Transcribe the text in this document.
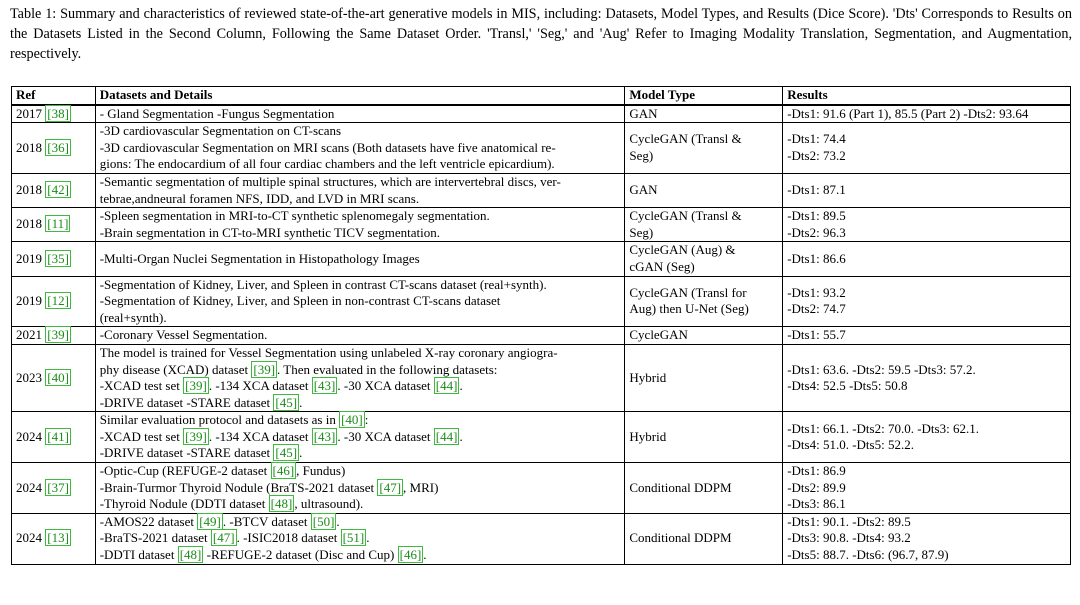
Table 1: Summary and characteristics of reviewed state-of-the-art generative models in MIS, including: Datasets, Model Types, and Results (Dice Score). 'Dts' Corresponds to Results on the Datasets Listed in the Second Column, Following the Same Dataset Order. 'Transl,' 'Seg,' and 'Aug' Refer to Imaging Modality Translation, Segmentation, and Augmentation, respectively.
Ref	Datasets and Details	Model Type	Results
2017 [38]	- Gland Segmentation -Fungus Segmentation	GAN	-Dts1: 91.6 (Part 1), 85.5 (Part 2) -Dts2: 93.64

2018 [36]	-3D cardiovascular Segmentation on CT-scans
-3D cardiovascular Segmentation on MRI scans (Both datasets have five anatomical re-
gions: The endocardium of all four cardiac chambers and the left ventricle epicardium).	CycleGAN (Transl &
Seg)	-Dts1: 74.4
-Dts2: 73.2

2018 [42]	-Semantic segmentation of multiple spinal structures, which are intervertebral discs, ver-
tebrae,andneural foramen NFS, IDD, and LVD in MRI scans.	GAN	-Dts1: 87.1

2018 [11]	-Spleen segmentation in MRI-to-CT synthetic splenomegaly segmentation.
-Brain segmentation in CT-to-MRI synthetic TICV segmentation.	CycleGAN (Transl &
Seg)	-Dts1: 89.5
-Dts2: 96.3

2019 [35]	-Multi-Organ Nuclei Segmentation in Histopathology Images	CycleGAN (Aug) &
cGAN (Seg)	-Dts1: 86.6

2019 [12]	-Segmentation of Kidney, Liver, and Spleen in contrast CT-scans dataset (real+synth).
-Segmentation of Kidney, Liver, and Spleen in non-contrast CT-scans dataset
(real+synth).	CycleGAN (Transl for
Aug) then U-Net (Seg)	-Dts1: 93.2
-Dts2: 74.7

2021 [39]	-Coronary Vessel Segmentation.	CycleGAN	-Dts1: 55.7

2023 [40]	The model is trained for Vessel Segmentation using unlabeled X-ray coronary angiogra-
phy disease (XCAD) dataset [39] . Then evaluated in the following datasets:
-XCAD test set [39] . -134 XCA dataset [43] . -30 XCA dataset [44] .
-DRIVE dataset -STARE dataset [45] .	Hybrid	-Dts1: 63.6. -Dts2: 59.5 -Dts3: 57.2.
-Dts4: 52.5 -Dts5: 50.8

2024 [41]	Similar evaluation protocol and datasets as in [40] :
-XCAD test set [39] . -134 XCA dataset [43] . -30 XCA dataset [44] .
-DRIVE dataset -STARE dataset [45] .	Hybrid	-Dts1: 66.1. -Dts2: 70.0. -Dts3: 62.1.
-Dts4: 51.0. -Dts5: 52.2.

2024 [37]	-Optic-Cup (REFUGE-2 dataset [46] , Fundus)
-Brain-Turmor Thyroid Nodule (BraTS-2021 dataset [47] , MRI)
-Thyroid Nodule (DDTI dataset [48] , ultrasound).	Conditional DDPM	-Dts1: 86.9
-Dts2: 89.9
-Dts3: 86.1

2024 [13]	-AMOS22 dataset [49] . -BTCV dataset [50] .
-BraTS-2021 dataset [47] . -ISIC2018 dataset [51] .
-DDTI dataset [48] -REFUGE-2 dataset (Disc and Cup) [46] .	Conditional DDPM	-Dts1: 90.1. -Dts2: 89.5
-Dts3: 90.8. -Dts4: 93.2
-Dts5: 88.7. -Dts6: (96.7, 87.9)
